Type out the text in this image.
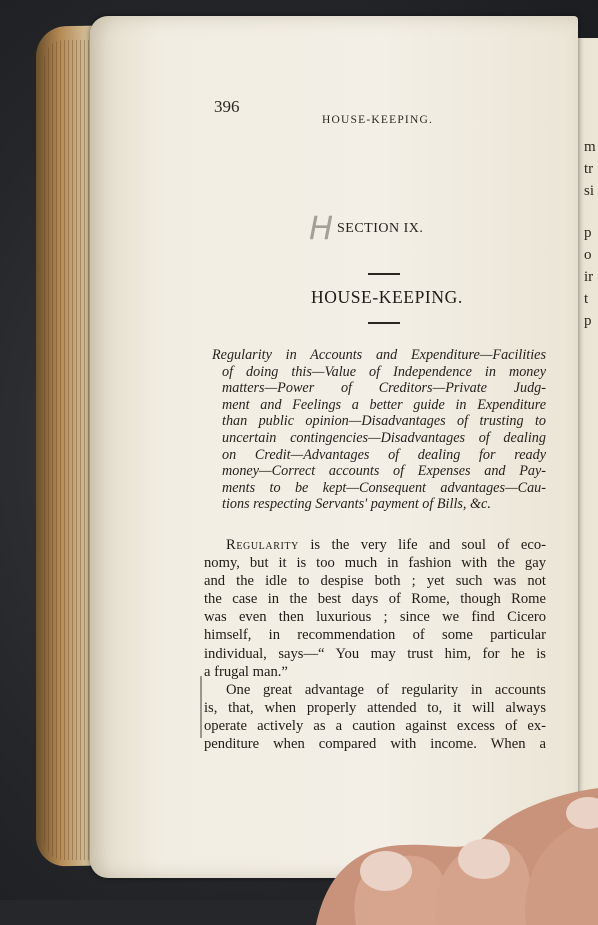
m
tr
si
p
o
ir
t
p
396
HOUSE-KEEPING.
H SECTION IX.
HOUSE-KEEPING.
Regularity in Accounts and Expenditure—Facilities
of doing this—Value of Independence in money
matters—Power of Creditors—Private Judg-
ment and Feelings a better guide in Expenditure
than public opinion—Disadvantages of trusting to
uncertain contingencies—Disadvantages of dealing
on Credit—Advantages of dealing for ready
money—Correct accounts of Expenses and Pay-
ments to be kept—Consequent advantages—Cau-
tions respecting Servants' payment of Bills, &c.
Regularity is the very life and soul of eco-
nomy, but it is too much in fashion with the gay
and the idle to despise both ; yet such was not
the case in the best days of Rome, though Rome
was even then luxurious ; since we find Cicero
himself, in recommendation of some particular
individual, says—“ You may trust him, for he is
a frugal man.”
One great advantage of regularity in accounts
is, that, when properly attended to, it will always
operate actively as a caution against excess of ex-
penditure when compared with income. When a
